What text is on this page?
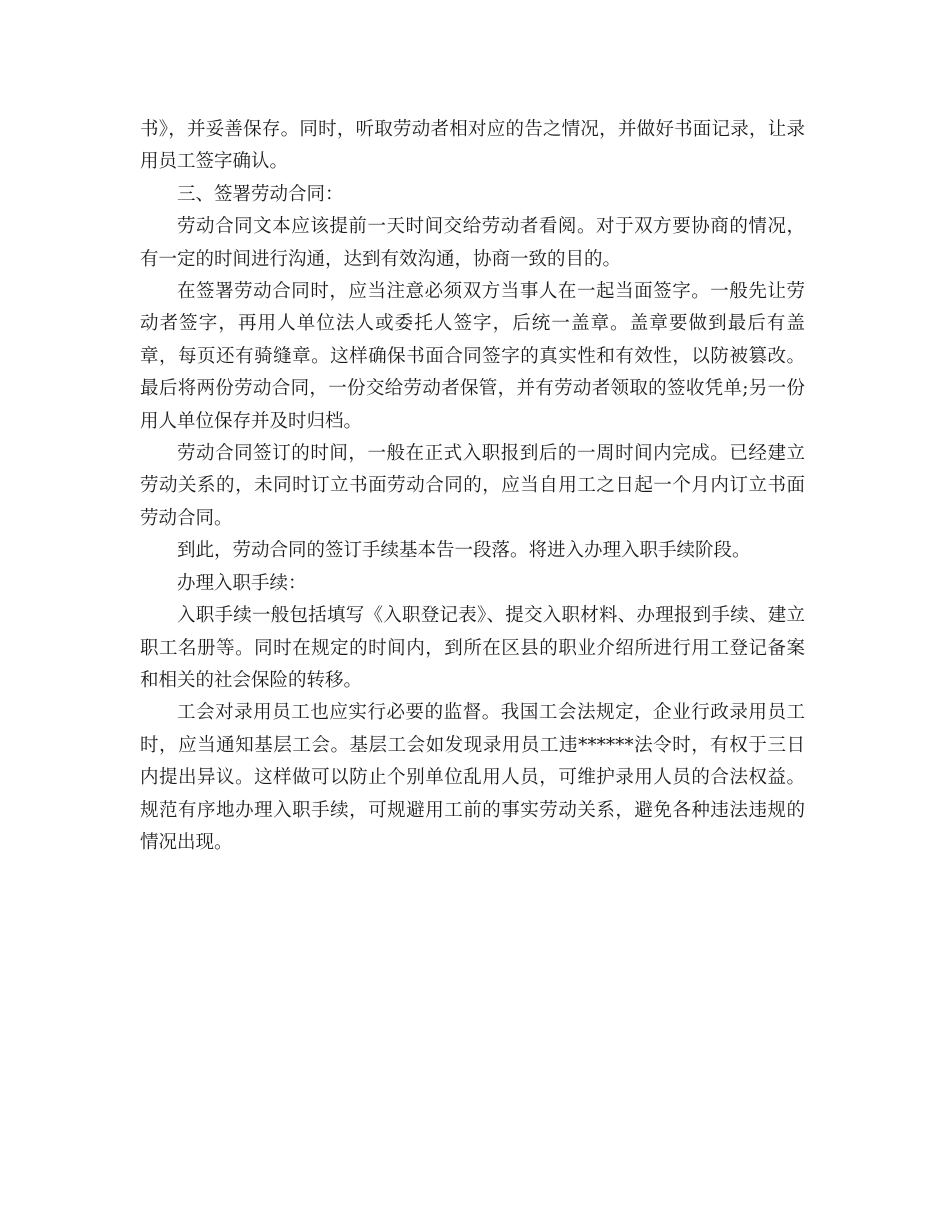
书》，并妥善保存。同时，听取劳动者相对应的告之情况，并做好书面记录，让录用员工签字确认。

三、签署劳动合同：

劳动合同文本应该提前一天时间交给劳动者看阅。对于双方要协商的情况，有一定的时间进行沟通，达到有效沟通，协商一致的目的。

在签署劳动合同时，应当注意必须双方当事人在一起当面签字。一般先让劳动者签字，再用人单位法人或委托人签字，后统一盖章。盖章要做到最后有盖章，每页还有骑缝章。这样确保书面合同签字的真实性和有效性，以防被篡改。最后将两份劳动合同，一份交给劳动者保管，并有劳动者领取的签收凭单;另一份用人单位保存并及时归档。

劳动合同签订的时间，一般在正式入职报到后的一周时间内完成。已经建立劳动关系的，未同时订立书面劳动合同的，应当自用工之日起一个月内订立书面劳动合同。

到此，劳动合同的签订手续基本告一段落。将进入办理入职手续阶段。

办理入职手续：

入职手续一般包括填写《入职登记表》、提交入职材料、办理报到手续、建立职工名册等。同时在规定的时间内，到所在区县的职业介绍所进行用工登记备案和相关的社会保险的转移。

工会对录用员工也应实行必要的监督。我国工会法规定，企业行政录用员工时，应当通知基层工会。基层工会如发现录用员工违******法令时，有权于三日内提出异议。这样做可以防止个别单位乱用人员，可维护录用人员的合法权益。规范有序地办理入职手续，可规避用工前的事实劳动关系，避免各种违法违规的情况出现。
